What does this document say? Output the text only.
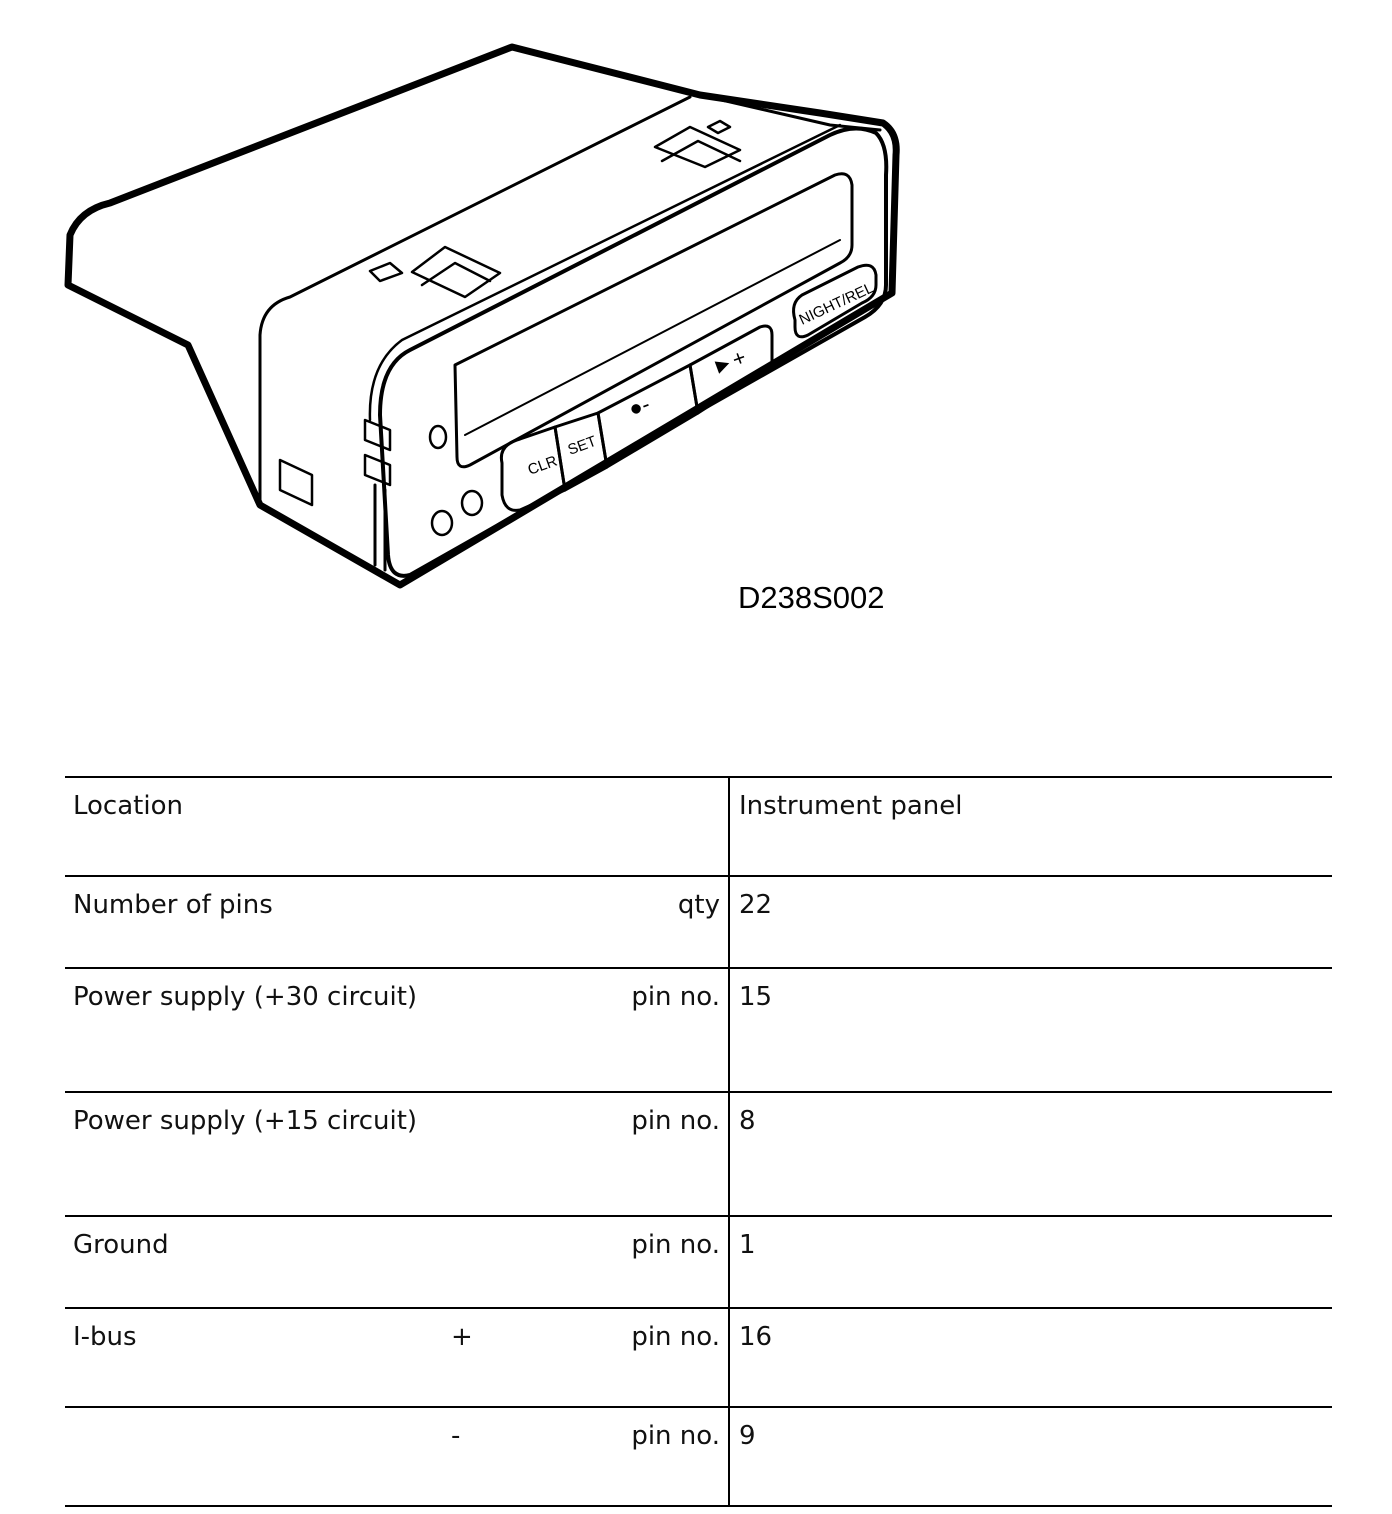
CLR
SET
●-
►+
NIGHT/REL
D238S002
Location			Instrument panel
Number of pins		qty	22
Power supply (+30 circuit)		pin no.	15
Power supply (+15 circuit)		pin no.	8
Ground		pin no.	1
I-bus	+	pin no.	16
	-	pin no.	9
